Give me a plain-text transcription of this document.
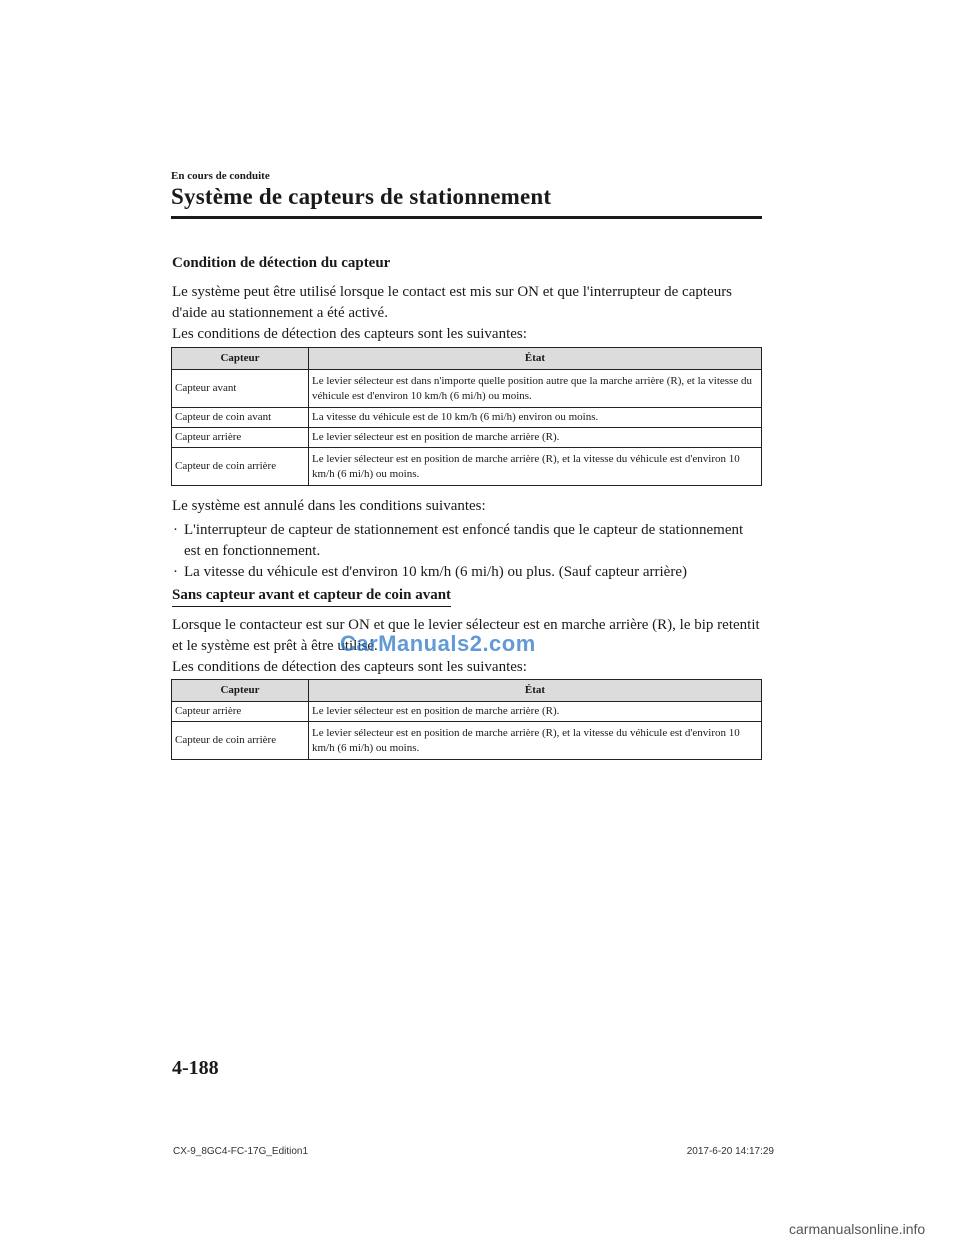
En cours de conduite
Système de capteurs de stationnement
Condition de détection du capteur
Le système peut être utilisé lorsque le contact est mis sur ON et que l'interrupteur de capteurs d'aide au stationnement a été activé.
Les conditions de détection des capteurs sont les suivantes:
Capteur	État
Capteur avant	Le levier sélecteur est dans n'importe quelle position autre que la marche arrière (R), et la vitesse du véhicule est d'environ 10 km/h (6 mi/h) ou moins.
Capteur de coin avant	La vitesse du véhicule est de 10 km/h (6 mi/h) environ ou moins.
Capteur arrière	Le levier sélecteur est en position de marche arrière (R).
Capteur de coin arrière	Le levier sélecteur est en position de marche arrière (R), et la vitesse du véhicule est d'environ 10 km/h (6 mi/h) ou moins.
Le système est annulé dans les conditions suivantes:
· L'interrupteur de capteur de stationnement est enfoncé tandis que le capteur de stationnement est en fonctionnement.
· La vitesse du véhicule est d'environ 10 km/h (6 mi/h) ou plus. (Sauf capteur arrière)
Sans capteur avant et capteur de coin avant
Lorsque le contacteur est sur ON et que le levier sélecteur est en marche arrière (R), le bip retentit et le système est prêt à être utilisé.
Les conditions de détection des capteurs sont les suivantes:
Capteur	État
Capteur arrière	Le levier sélecteur est en position de marche arrière (R).
Capteur de coin arrière	Le levier sélecteur est en position de marche arrière (R), et la vitesse du véhicule est d'environ 10 km/h (6 mi/h) ou moins.
CarManuals2.com
4-188
CX-9_8GC4-FC-17G_Edition1	2017-6-20 14:17:29
carmanualsonline.info
